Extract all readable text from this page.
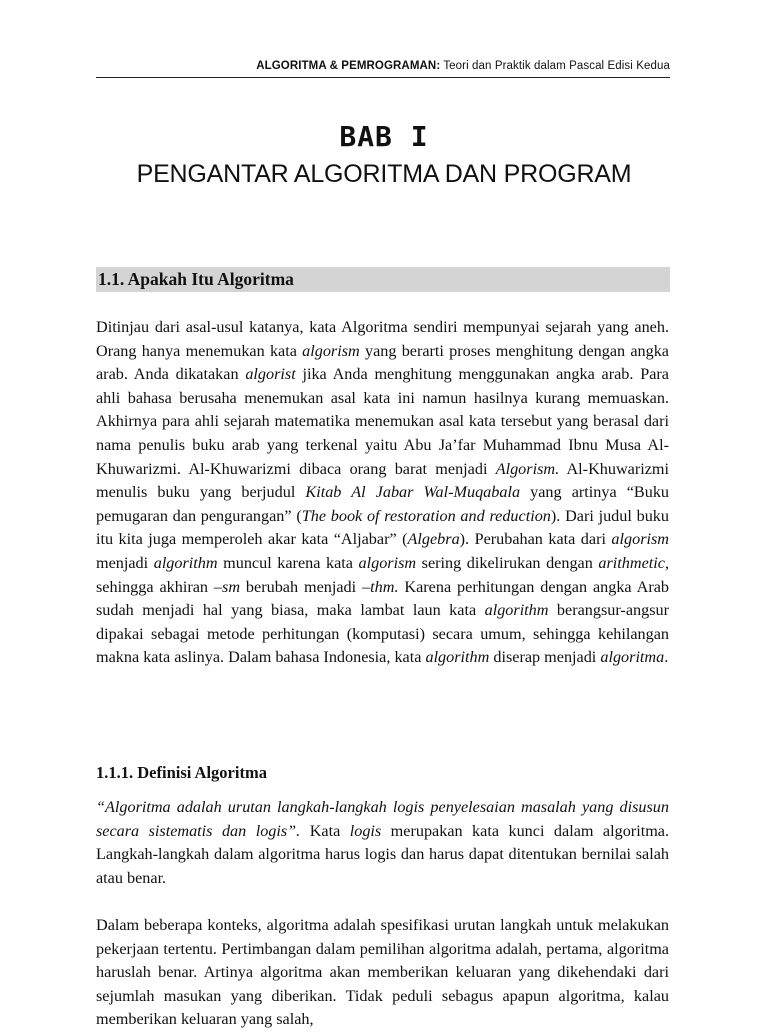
ALGORITMA & PEMROGRAMAN: Teori dan Praktik dalam Pascal Edisi Kedua
BAB I
PENGANTAR ALGORITMA DAN PROGRAM
1.1. Apakah Itu Algoritma

Ditinjau dari asal-usul katanya, kata Algoritma sendiri mempunyai sejarah yang aneh. Orang hanya menemukan kata algorism yang berarti proses menghitung dengan angka arab. Anda dikatakan algorist jika Anda menghitung menggunakan angka arab. Para ahli bahasa berusaha menemukan asal kata ini namun hasilnya kurang memuaskan. Akhirnya para ahli sejarah matematika menemukan asal kata tersebut yang berasal dari nama penulis buku arab yang terkenal yaitu Abu Ja’far Muhammad Ibnu Musa Al-Khuwarizmi. Al-Khuwarizmi dibaca orang barat menjadi Algorism. Al-Khuwarizmi menulis buku yang berjudul Kitab Al Jabar Wal-Muqabala yang artinya “Buku pemugaran dan pengurangan” (The book of restoration and reduction). Dari judul buku itu kita juga memperoleh akar kata “Aljabar” (Algebra). Perubahan kata dari algorism menjadi algorithm muncul karena kata algorism sering dikelirukan dengan arithmetic, sehingga akhiran –sm berubah menjadi –thm. Karena perhitungan dengan angka Arab sudah menjadi hal yang biasa, maka lambat laun kata algorithm berangsur-angsur dipakai sebagai metode perhitungan (komputasi) secara umum, sehingga kehilangan makna kata aslinya. Dalam bahasa Indonesia, kata algorithm diserap menjadi algoritma.

1.1.1. Definisi Algoritma

“Algoritma adalah urutan langkah-langkah logis penyelesaian masalah yang disusun secara sistematis dan logis”. Kata logis merupakan kata kunci dalam algoritma. Langkah-langkah dalam algoritma harus logis dan harus dapat ditentukan bernilai salah atau benar.

Dalam beberapa konteks, algoritma adalah spesifikasi urutan langkah untuk melakukan pekerjaan tertentu. Pertimbangan dalam pemilihan algoritma adalah, pertama, algoritma haruslah benar. Artinya algoritma akan memberikan keluaran yang dikehendaki dari sejumlah masukan yang diberikan. Tidak peduli sebagus apapun algoritma, kalau memberikan keluaran yang salah,
